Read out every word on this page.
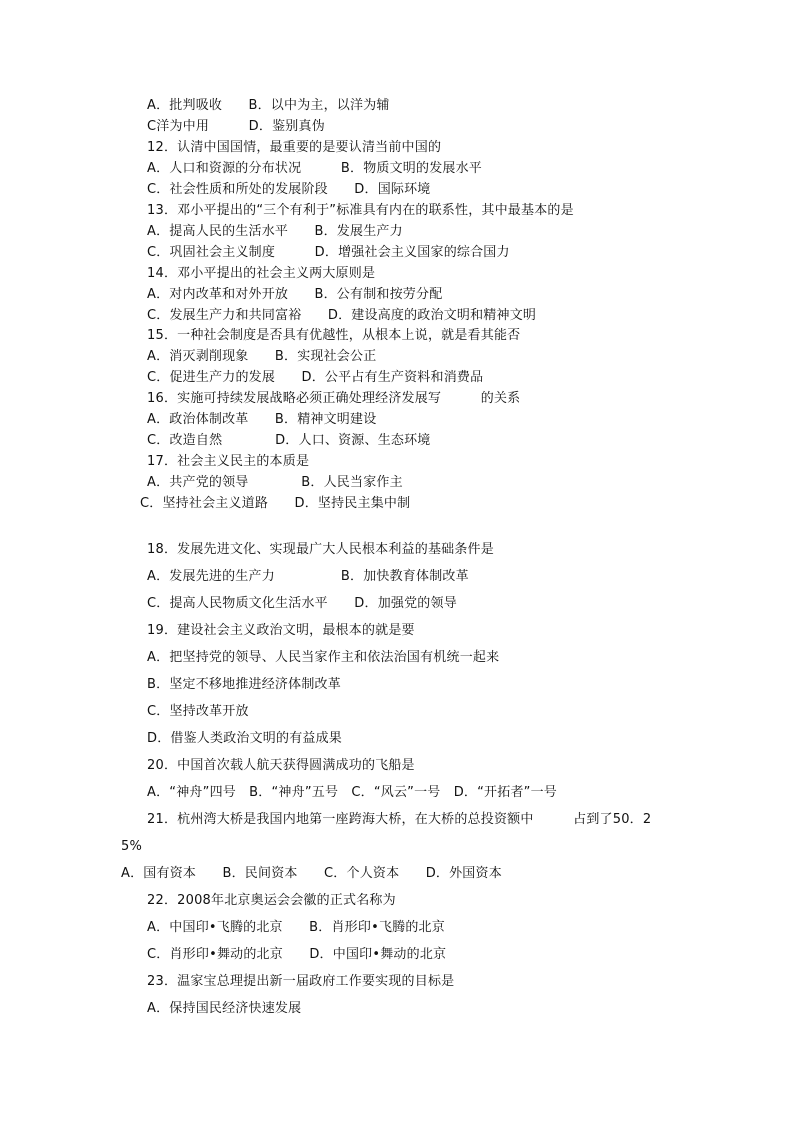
A．批判吸收　　B．以中为主，以洋为辅
C洋为中用　　　D．鉴别真伪
12．认清中国国情，最重要的是要认清当前中国的
A．人口和资源的分布状况　　　B．物质文明的发展水平
C．社会性质和所处的发展阶段　　D．国际环境
13．邓小平提出的“三个有利于”标准具有内在的联系性，其中最基本的是
A．提高人民的生活水平　　B．发展生产力
C．巩固社会主义制度　　　D．增强社会主义国家的综合国力
14．邓小平提出的社会主义两大原则是
A．对内改革和对外开放　　B．公有制和按劳分配
C．发展生产力和共同富裕　　D．建设高度的政治文明和精神文明
15．一种社会制度是否具有优越性，从根本上说，就是看其能否
A．消灭剥削现象　　B．实现社会公正
C．促进生产力的发展　　D．公平占有生产资料和消费品
16．实施可持续发展战略必须正确处理经济发展写　　　的关系
A．政治体制改革　　B．精神文明建设
C．改造自然　　　　D．人口、资源、生态环境
17．社会主义民主的本质是
A．共产党的领导　　　　B．人民当家作主
C．坚持社会主义道路　　D．坚持民主集中制
18．发展先进文化、实现最广大人民根本利益的基础条件是
A．发展先进的生产力　　　　　B．加快教育体制改革
C．提高人民物质文化生活水平　　D．加强党的领导
19．建设社会主义政治文明，最根本的就是要
A．把坚持党的领导、人民当家作主和依法治国有机统一起来
B．坚定不移地推进经济体制改革
C．坚持改革开放
D．借鉴人类政治文明的有益成果
20．中国首次载人航天获得圆满成功的飞船是
A．“神舟”四号　B．“神舟”五号　C．“风云”一号　D．“开拓者”一号
21．杭州湾大桥是我国内地第一座跨海大桥，在大桥的总投资额中　　　占到了50．2
5%
A．国有资本　　B．民间资本　　C．个人资本　　D．外国资本
22．2008年北京奥运会会徽的正式名称为
A．中国印•飞腾的北京　　B．肖形印•飞腾的北京
C．肖形印•舞动的北京　　D．中国印•舞动的北京
23．温家宝总理提出新一届政府工作要实现的目标是
A．保持国民经济快速发展
